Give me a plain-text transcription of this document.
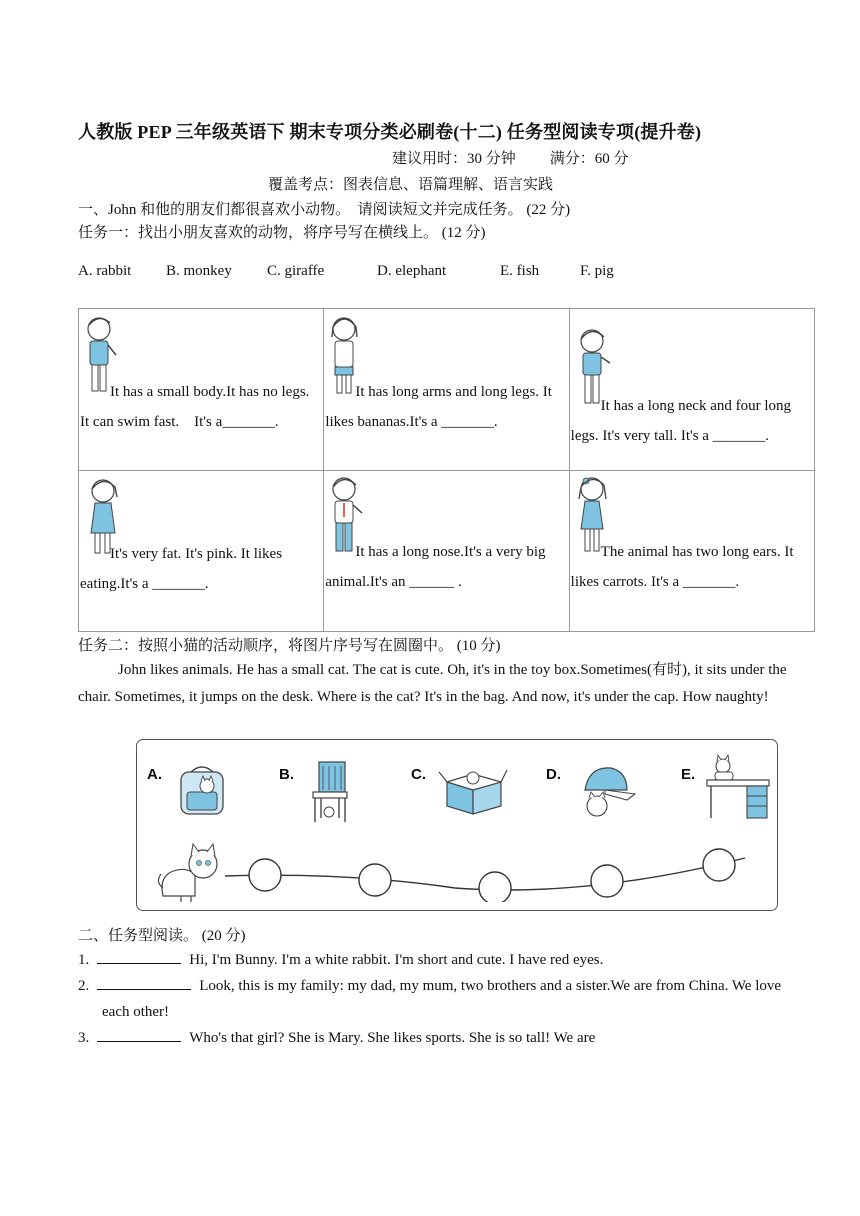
人教版 PEP 三年级英语下 期末专项分类必刷卷(十二) 任务型阅读专项(提升卷)
建议用时：30 分钟 满分：60 分
覆盖考点：图表信息、语篇理解、语言实践
一、John 和他的朋友们都很喜欢小动物。　请阅读短文并完成任务。 (22 分)
任务一：找出小朋友喜欢的动物，将序号写在横线上。 (12 分)
A. rabbit B. monkey C. giraffe	D. elephant	E. fish	F. pig
　　It has a small body.It has no legs. It can swim fast.　It's a_______.	　　It has long arms and long legs. It likes bananas.It's a _______.	　　It has a long neck and four long legs. It's very tall. It's a _______.

　　It's very fat. It's pink. It likes eating.It's a _______.	　　It has a long nose.It's a very big animal.It's an ______ .	　　The animal has two long ears. It likes carrots. It's a _______.
任务二：按照小猫的活动顺序，将图片序号写在圆圈中。 (10 分)
John likes animals. He has a small cat. The cat is cute. Oh, it's in the toy box.Sometimes(有时), it sits under the chair. Sometimes, it jumps on the desk. Where is the cat? It's in the bag. And now, it's under the cap. How naughty!
A.	B.	C.	D.	E.
二、任务型阅读。 (20 分)
1.	Hi, I'm Bunny. I'm a white rabbit. I'm short and cute. I have red eyes.
2.	Look, this is my family: my dad, my mum, two brothers and a sister.We are from China. We love each other!
3.	Who's that girl? She is Mary. She likes sports. She is so tall! We are
